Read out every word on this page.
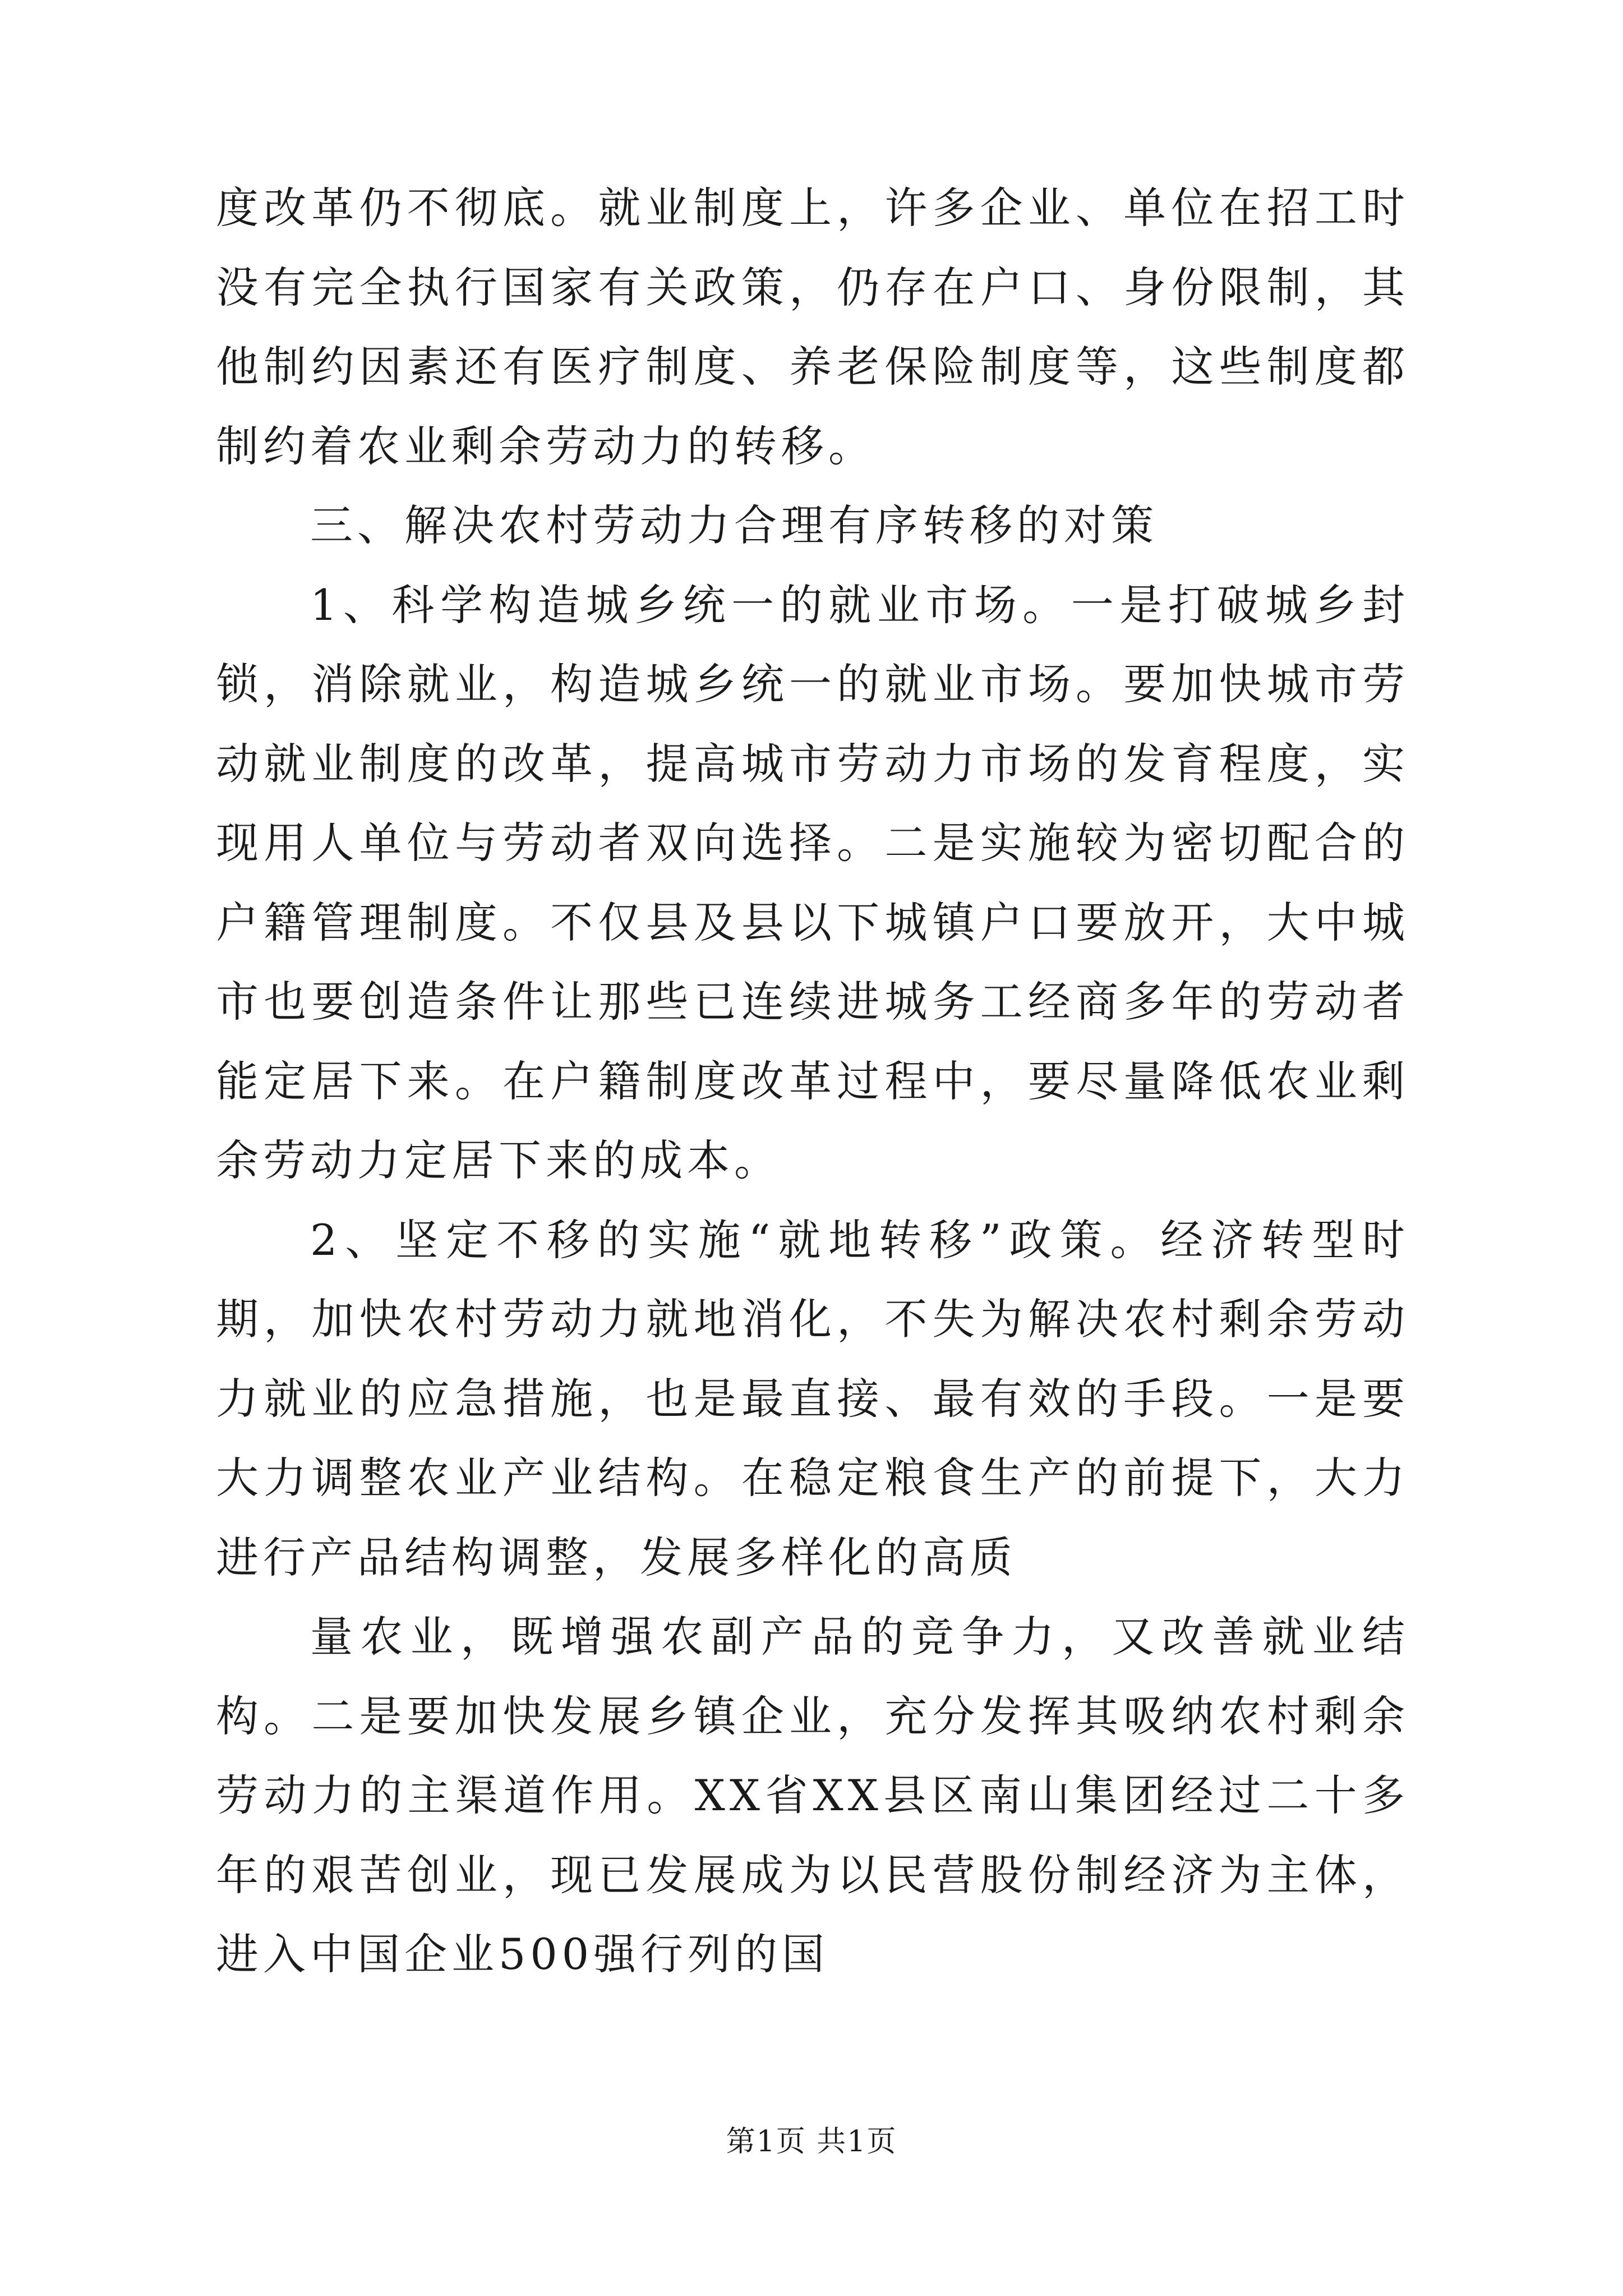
度改革仍不彻底。就业制度上，许多企业、单位在招工时没有完全执行国家有关政策，仍存在户口、身份限制，其他制约因素还有医疗制度、养老保险制度等，这些制度都制约着农业剩余劳动力的转移。

三、解决农村劳动力合理有序转移的对策

1、科学构造城乡统一的就业市场。一是打破城乡封锁，消除就业，构造城乡统一的就业市场。要加快城市劳动就业制度的改革，提高城市劳动力市场的发育程度，实现用人单位与劳动者双向选择。二是实施较为密切配合的户籍管理制度。不仅县及县以下城镇户口要放开，大中城市也要创造条件让那些已连续进城务工经商多年的劳动者能定居下来。在户籍制度改革过程中，要尽量降低农业剩余劳动力定居下来的成本。

2、坚定不移的实施“就地转移”政策。经济转型时期，加快农村劳动力就地消化，不失为解决农村剩余劳动力就业的应急措施，也是最直接、最有效的手段。一是要大力调整农业产业结构。在稳定粮食生产的前提下，大力进行产品结构调整，发展多样化的高质

量农业，既增强农副产品的竞争力，又改善就业结构。二是要加快发展乡镇企业，充分发挥其吸纳农村剩余劳动力的主渠道作用。XX省XX县区南山集团经过二十多年的艰苦创业，现已发展成为以民营股份制经济为主体，进入中国企业500强行列的国

第1页 共1页
